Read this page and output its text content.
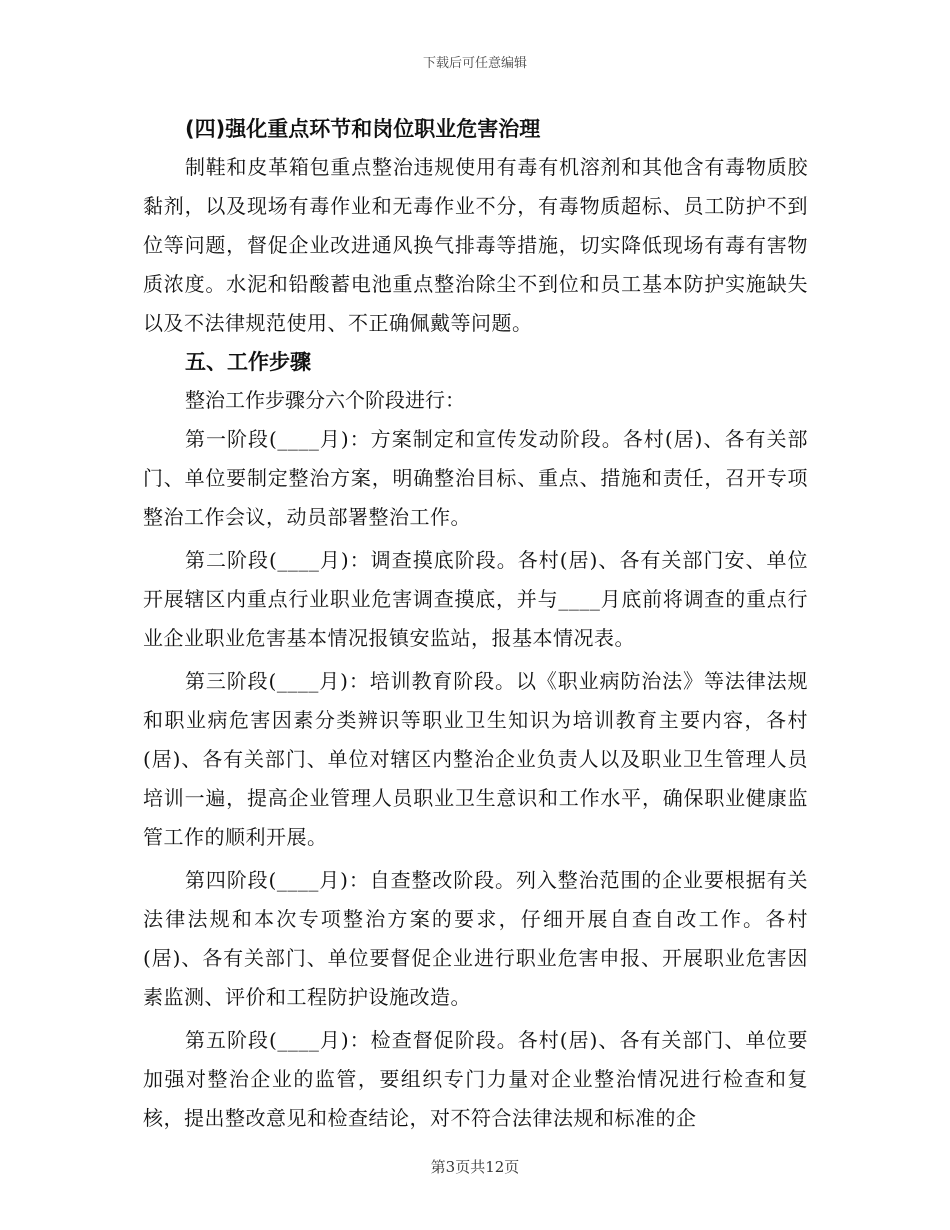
下载后可任意编辑

(四)强化重点环节和岗位职业危害治理

制鞋和皮革箱包重点整治违规使用有毒有机溶剂和其他含有毒物质胶黏剂，以及现场有毒作业和无毒作业不分，有毒物质超标、员工防护不到位等问题，督促企业改进通风换气排毒等措施，切实降低现场有毒有害物质浓度。水泥和铅酸蓄电池重点整治除尘不到位和员工基本防护实施缺失以及不法律规范使用、不正确佩戴等问题。

五、工作步骤

整治工作步骤分六个阶段进行：

第一阶段(____月)：方案制定和宣传发动阶段。各村(居)、各有关部门、单位要制定整治方案，明确整治目标、重点、措施和责任，召开专项整治工作会议，动员部署整治工作。

第二阶段(____月)：调查摸底阶段。各村(居)、各有关部门安、单位开展辖区内重点行业职业危害调查摸底，并与____月底前将调查的重点行业企业职业危害基本情况报镇安监站，报基本情况表。

第三阶段(____月)：培训教育阶段。以《职业病防治法》等法律法规和职业病危害因素分类辨识等职业卫生知识为培训教育主要内容，各村(居)、各有关部门、单位对辖区内整治企业负责人以及职业卫生管理人员培训一遍，提高企业管理人员职业卫生意识和工作水平，确保职业健康监管工作的顺利开展。

第四阶段(____月)：自查整改阶段。列入整治范围的企业要根据有关法律法规和本次专项整治方案的要求，仔细开展自查自改工作。各村(居)、各有关部门、单位要督促企业进行职业危害申报、开展职业危害因素监测、评价和工程防护设施改造。

第五阶段(____月)：检查督促阶段。各村(居)、各有关部门、单位要加强对整治企业的监管，要组织专门力量对企业整治情况进行检查和复核，提出整改意见和检查结论，对不符合法律法规和标准的企

第3页共12页
